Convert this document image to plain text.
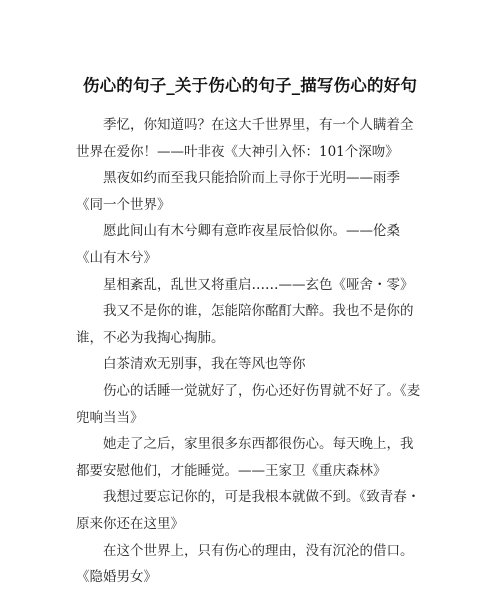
伤心的句子_关于伤心的句子_描写伤心的好句

季忆，你知道吗？在这大千世界里，有一个人瞒着全世界在爱你！——叶非夜《大神引入怀：101个深吻》

黑夜如约而至我只能拾阶而上寻你于光明——雨季《同一个世界》

愿此间山有木兮卿有意昨夜星辰恰似你。——伦桑《山有木兮》

星相紊乱，乱世又将重启……——玄色《哑舍・零》

我又不是你的谁，怎能陪你酩酊大醉。我也不是你的谁，不必为我掏心掏肺。

白茶清欢无别事，我在等风也等你

伤心的话睡一觉就好了，伤心还好伤胃就不好了。《麦兜响当当》

她走了之后，家里很多东西都很伤心。每天晚上，我都要安慰他们，才能睡觉。——王家卫《重庆森林》

我想过要忘记你的，可是我根本就做不到。《致青春・原来你还在这里》

在这个世界上，只有伤心的理由，没有沉沦的借口。《隐婚男女》
